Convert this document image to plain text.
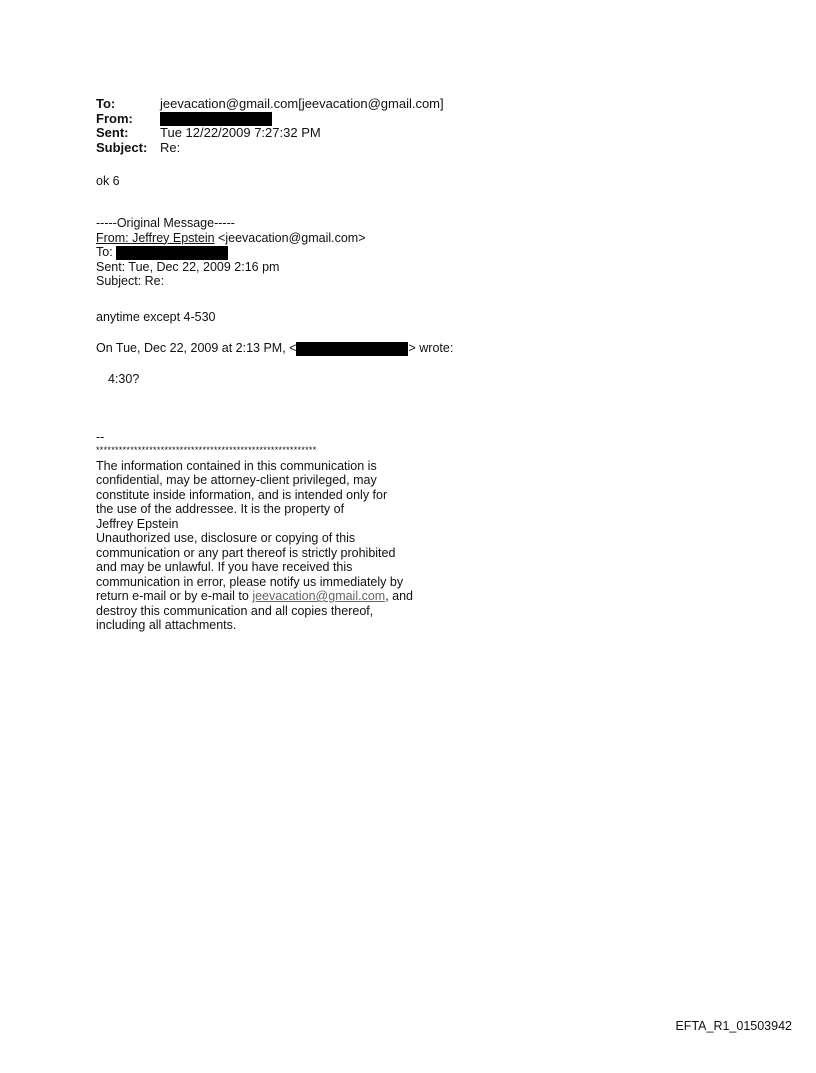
To:	jeevacation@gmail.com[jeevacation@gmail.com]
From:
Sent:	Tue 12/22/2009 7:27:32 PM
Subject: Re:
ok 6
-----Original Message-----
From: Jeffrey Epstein <jeevacation@gmail.com>
To:
Sent: Tue, Dec 22, 2009 2:16 pm
Subject: Re:
anytime except 4-530
On Tue, Dec 22, 2009 at 2:13 PM, <	> wrote:
4:30?
--
**********************************************************
The information contained in this communication is
confidential, may be attorney-client privileged, may
constitute inside information, and is intended only for
the use of the addressee. It is the property of
Jeffrey Epstein
Unauthorized use, disclosure or copying of this
communication or any part thereof is strictly prohibited
and may be unlawful. If you have received this
communication in error, please notify us immediately by
return e-mail or by e-mail to jeevacation@gmail.com, and
destroy this communication and all copies thereof,
including all attachments.
EFTA_R1_01503942
